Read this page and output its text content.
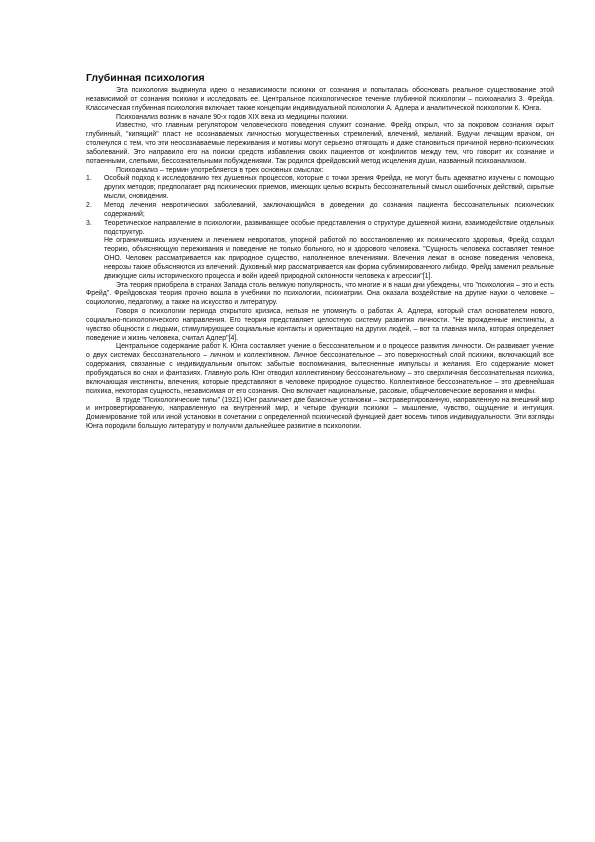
Глубинная психология

Эта психология выдвинула идею о независимости психики от сознания и попыталась обосновать реальное существование этой независимой от сознания психики и исследовать ее. Центральное психологическое течение глубинной психологии – психоанализ З. Фрейда. Классическая глубинная психология включает также концепции индивидуальной психологии А. Адлера и аналитической психологии К. Юнга.

Психоанализ возник в начале 90-х годов XIX века из медицины психики.

Известно, что главным регулятором человеческого поведения служит сознание. Фрейд открыл, что за покровом сознания скрыт глубинный, "кипящий" пласт не осознаваемых личностью могущественных стремлений, влечений, желаний. Будучи лечащим врачом, он столкнулся с тем, что эти неосознаваемые переживания и мотивы могут серьезно отягощать и даже становиться причиной нервно-психических заболеваний. Это направило его на поиски средств избавления своих пациентов от конфликтов между тем, что говорит их сознание и потаенными, слепыми, бессознательными побуждениями. Так родился фрейдовский метод исцеления души, названный психоанализом.

Психоанализ – термин употребляется в трех основных смыслах:

1. Особый подход к исследованию тех душевных процессов, которые с точки зрения Фрейда, не могут быть адекватно изучены с помощью других методов; предполагает ряд психических приемов, имеющих целью вскрыть бессознательный смысл ошибочных действий, скрытые мысли, сновидения.
2. Метод лечения невротических заболеваний, заключающийся в доведении до сознания пациента бессознательных психических содержаний;
3. Теоретическое направление в психологии, развивающее особые представления о структуре душевной жизни, взаимодействие отдельных подструктур.

Не ограничившись изучением и лечением невропатов, упорной работой по восстановлению их психического здоровья, Фрейд создал теорию, объясняющую переживания и поведение не только больного, но и здорового человека. "Сущность человека составляет темное ОНО. Человек рассматривается как природное существо, наполненное влечениями. Влечения лежат в основе поведения человека, неврозы также объясняются из влечений. Духовный мир рассматривается как форма сублимированного либидо. Фрейд заменил реальные движущие силы исторического процесса и войн идеей природной склонности человека к агрессии"[1].

Эта теория приобрела в странах Запада столь великую популярность, что многие и в наши дни убеждены, что "психология – это и есть Фрейд". Фрейдовская теория прочно вошла в учебники по психологии, психиатрии. Она оказала воздействие на другие науки о человеке – социологию, педагогику, а также на искусство и литературу.

Говоря о психологии периода открытого кризиса, нельзя не упомянуть о работах А. Адлера, который стал основателем нового, социально-психологического направления. Его теория представляет целостную систему развития личности. "Не врожденные инстинкты, а чувство общности с людьми, стимулирующее социальные контакты и ориентацию на других людей, – вот та главная мила, которая определяет поведение и жизнь человека, считал Адлер"[4].

Центральное содержание работ К. Юнга составляет учение о бессознательном и о процессе развития личности. Он развивает учение о двух системах бессознательного – личном и коллективном. Личное бессознательное – это поверхностный слой психики, включающий все содержания, связанные с индивидуальным опытом: забытые воспоминания, вытесненные импульсы и желания. Его содержание может пробуждаться во снах и фантазиях. Главную роль Юнг отводил коллективному бессознательному – это сверхличная бессознательная психика, включающая инстинкты, влечения, которые представляют в человеке природное существо. Коллективное бессознательное – это древнейшая психика, некоторая сущность, независимая от его сознания. Оно включает национальные, расовые, общечеловеческие верования и мифы.

В труде "Психологические типы" (1921) Юнг различает две базисные установки – экстравертированную, направленную на внешний мир и интровертированную, направленную на внутренний мир, и четыре функции психики – мышление, чувство, ощущение и интуиция. Доминирование той или иной установки в сочетании с определенной психической функцией дает восемь типов индивидуальности. Эти взгляды Юнга породили большую литературу и получили дальнейшее развитие в психологии.
